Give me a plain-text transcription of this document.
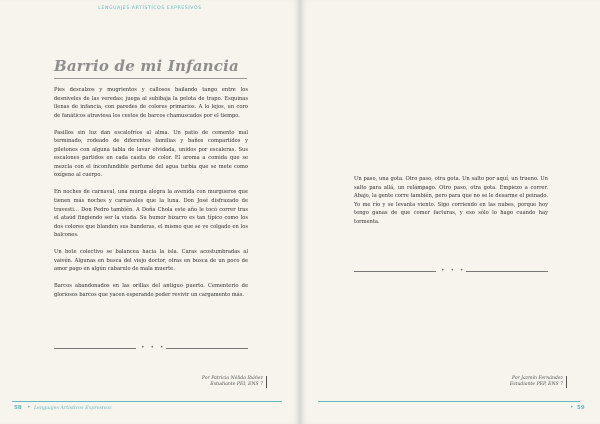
LENGUAJES ARTÍSTICOS EXPRESIVOS
Barrio de mi Infancia

Pies descalzos y mugrientos y callosos bailando tango entre los desniveles de las veredas; juega al subibaja la pelota de trapo. Esquinas llenas de infancia, con paredes de colores primarios. A lo lejos, un coro de fanáticos atraviesa los cestos de barcos chamuscados por el tiempo.

Pasillos sin luz dan escalofríos al alma. Un patio de cemento mal terminado, rodeado de diferentes familias y baños compartidos y piletones con alguna tabla de lavar olvidada, unidos por escaleras. Sus escalones partidos en cada casita de color. El aroma a comida que se mezcla con el inconfundible perfume del agua turbia que se mete como oxígeno al cuerpo.

En noches de carnaval, una murga alegra la avenida con murgueros que tienen más noches y carnavales que la luna. Don José disfrazado de travesti… Don Pedro también. A Doña Chola este año le tocó correr tras el ataúd fingiendo ser la viuda. Su humor bizarro es tan típico como los dos colores que blanden sus banderas, el mismo que se ve colgado en los balcones.

Un bote colectivo se balancea hacia la isla. Caras acostumbradas al vaivén. Algunas en busca del viejo doctor, otras en busca de un poco de amor pago en algún cabarulo de mala muerte.

Barcos abandonados en las orillas del antiguo puerto. Cementerio de gloriosos barcos que yacen esperando poder revivir un cargamento más.

• • •
Por Patricia Nélida Ibáñez
Estudiante PEI, ENS 7
58 • Lenguajes Artísticos Expresivos

Un paso, una gota. Otro paso, otra gota. Un salto por aquí, un trueno. Un salto para allá, un relámpago. Otro paso, otra gota. Empiezo a correr. Abajo, la gente corre también, pero para que no se le desarme el peinado. Yo me río y se levanta viento. Sigo corriendo en las nubes, porque hoy tengo ganas de que comer facturas, y eso sólo lo hago cuando hay tormenta.

• • •
Por Jazmín Fernández
Estudiante PEP, ENS 7
• 59
